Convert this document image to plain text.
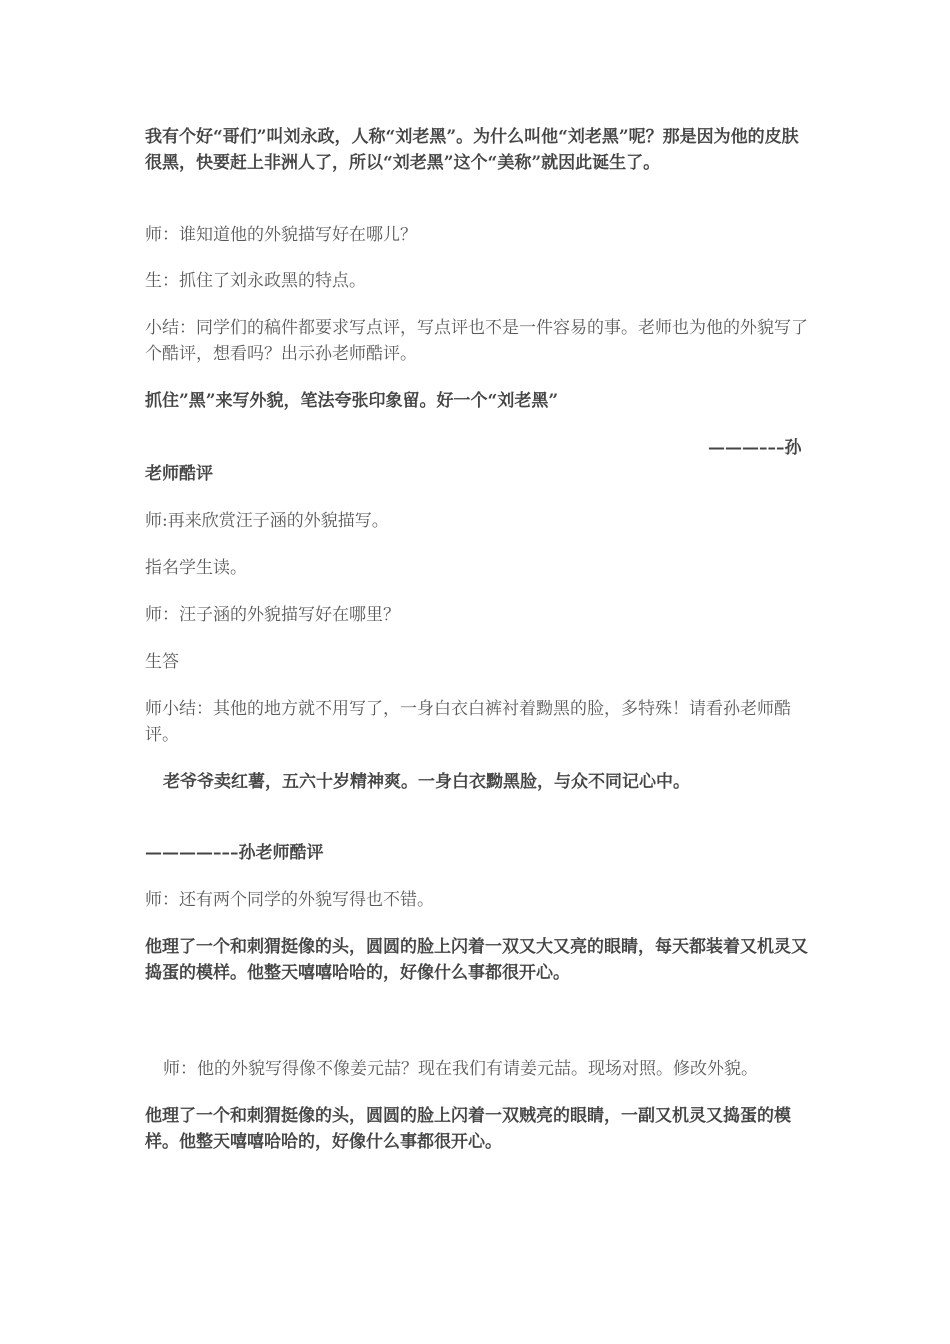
我有个好“哥们”叫刘永政，人称“刘老黑”。为什么叫他“刘老黑”呢？那是因为他的皮肤很黑，快要赶上非洲人了，所以“刘老黑”这个“美称”就因此诞生了。
师：谁知道他的外貌描写好在哪儿？
生：抓住了刘永政黑的特点。
小结：同学们的稿件都要求写点评，写点评也不是一件容易的事。老师也为他的外貌写了个酷评，想看吗？出示孙老师酷评。
抓住”黑”来写外貌，笔法夸张印象留。好一个“刘老黑”
———–––孙
老师酷评
师:再来欣赏汪子涵的外貌描写。
指名学生读。
师：汪子涵的外貌描写好在哪里？
生答
师小结：其他的地方就不用写了，一身白衣白裤衬着黝黑的脸，多特殊！请看孙老师酷评。
老爷爷卖红薯，五六十岁精神爽。一身白衣黝黑脸，与众不同记心中。
————–––孙老师酷评
师：还有两个同学的外貌写得也不错。
他理了一个和刺猬挺像的头，圆圆的脸上闪着一双又大又亮的眼睛，每天都装着又机灵又捣蛋的模样。他整天嘻嘻哈哈的，好像什么事都很开心。
师：他的外貌写得像不像姜元喆？现在我们有请姜元喆。现场对照。修改外貌。
他理了一个和刺猬挺像的头，圆圆的脸上闪着一双贼亮的眼睛，一副又机灵又捣蛋的模样。他整天嘻嘻哈哈的，好像什么事都很开心。
